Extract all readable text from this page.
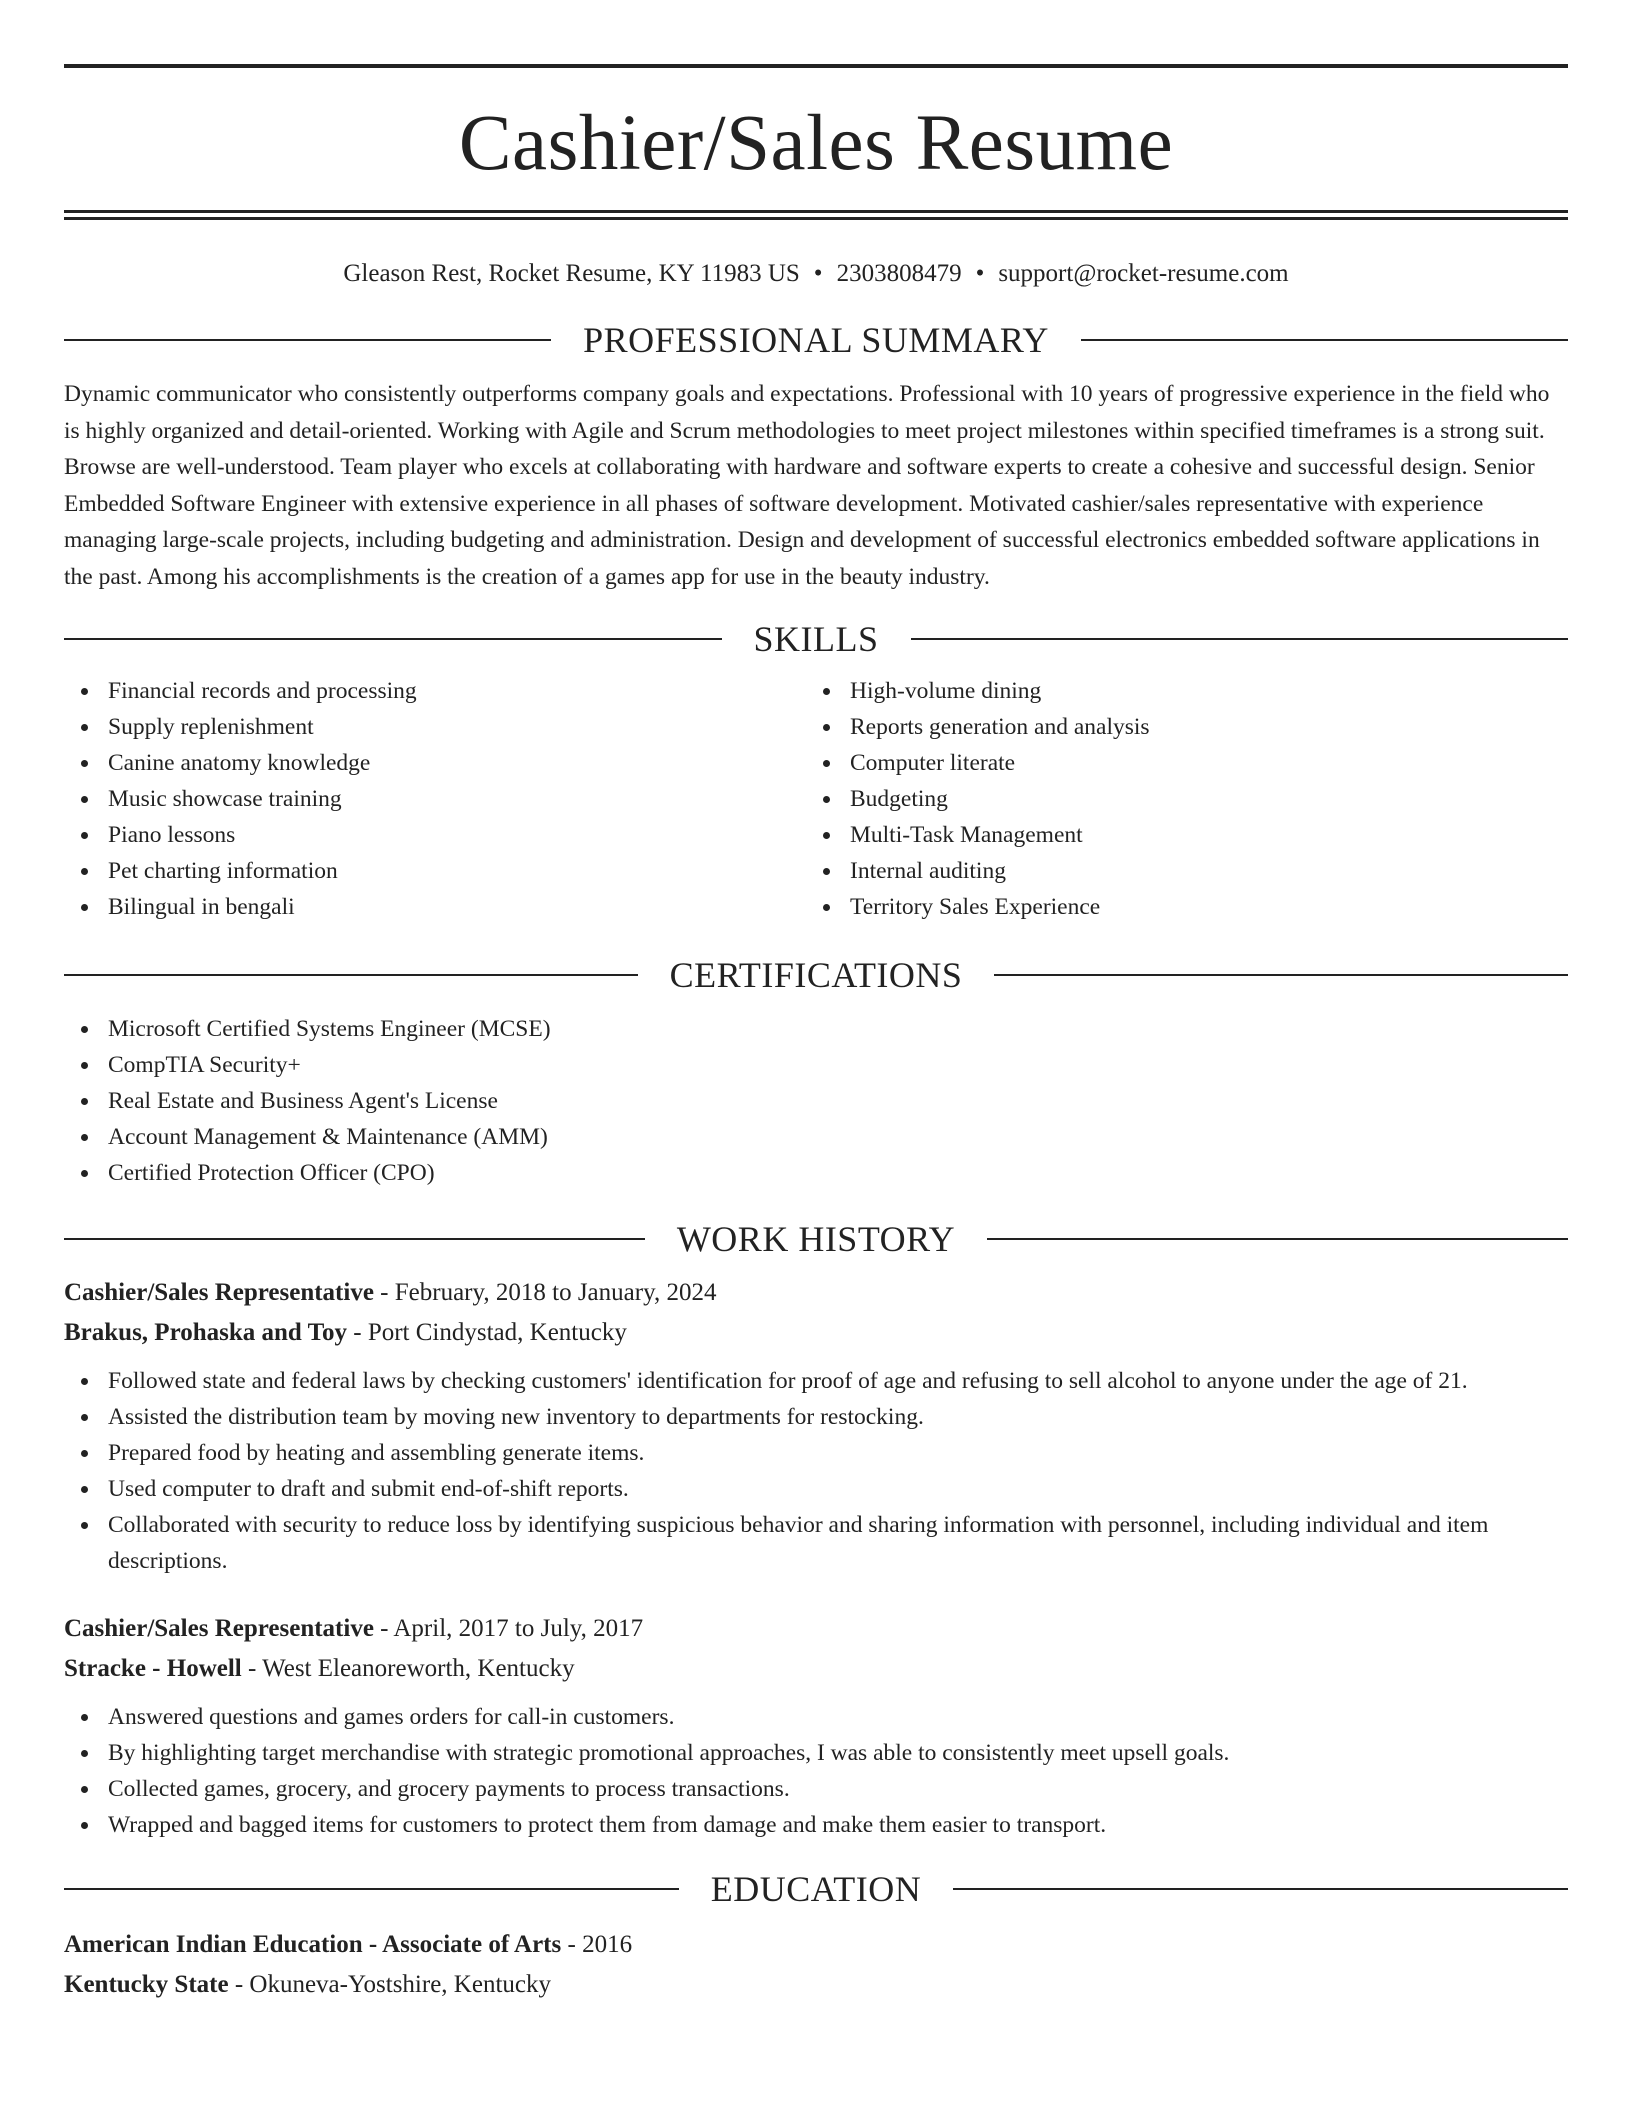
Cashier/Sales Resume
Gleason Rest, Rocket Resume, KY 11983 US • 2303808479 • support@rocket-resume.com
PROFESSIONAL SUMMARY

Dynamic communicator who consistently outperforms company goals and expectations. Professional with 10 years of progressive experience in the field who is highly organized and detail-oriented. Working with Agile and Scrum methodologies to meet project milestones within specified timeframes is a strong suit. Browse are well-understood. Team player who excels at collaborating with hardware and software experts to create a cohesive and successful design. Senior Embedded Software Engineer with extensive experience in all phases of software development. Motivated cashier/sales representative with experience managing large-scale projects, including budgeting and administration. Design and development of successful electronics embedded software applications in the past. Among his accomplishments is the creation of a games app for use in the beauty industry.

SKILLS
Financial records and processing
Supply replenishment
Canine anatomy knowledge
Music showcase training
Piano lessons
Pet charting information
Bilingual in bengali
High-volume dining
Reports generation and analysis
Computer literate
Budgeting
Multi-Task Management
Internal auditing
Territory Sales Experience
CERTIFICATIONS
Microsoft Certified Systems Engineer (MCSE)
CompTIA Security+
Real Estate and Business Agent's License
Account Management & Maintenance (AMM)
Certified Protection Officer (CPO)
WORK HISTORY
Cashier/Sales Representative - February, 2018 to January, 2024
Brakus, Prohaska and Toy - Port Cindystad, Kentucky
Followed state and federal laws by checking customers' identification for proof of age and refusing to sell alcohol to anyone under the age of 21.
Assisted the distribution team by moving new inventory to departments for restocking.
Prepared food by heating and assembling generate items.
Used computer to draft and submit end-of-shift reports.
Collaborated with security to reduce loss by identifying suspicious behavior and sharing information with personnel, including individual and item descriptions.
Cashier/Sales Representative - April, 2017 to July, 2017
Stracke - Howell - West Eleanoreworth, Kentucky
Answered questions and games orders for call-in customers.
By highlighting target merchandise with strategic promotional approaches, I was able to consistently meet upsell goals.
Collected games, grocery, and grocery payments to process transactions.
Wrapped and bagged items for customers to protect them from damage and make them easier to transport.
EDUCATION
American Indian Education - Associate of Arts - 2016
Kentucky State - Okuneva-Yostshire, Kentucky
